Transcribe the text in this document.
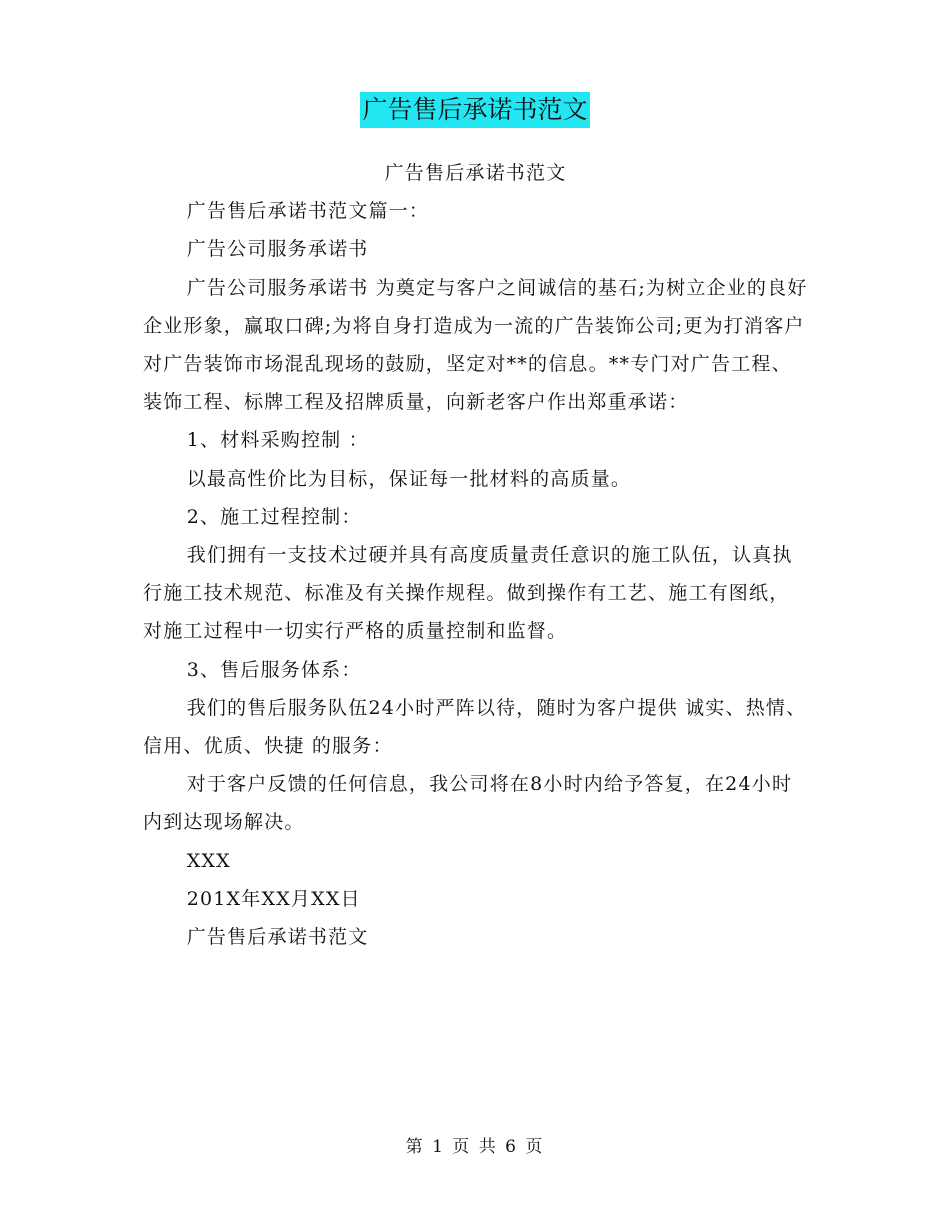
广告售后承诺书范文

广告售后承诺书范文

广告售后承诺书范文篇一：

广告公司服务承诺书

广告公司服务承诺书 为奠定与客户之间诚信的基石;为树立企业的良好企业形象，赢取口碑;为将自身打造成为一流的广告装饰公司;更为打消客户对广告装饰市场混乱现场的鼓励，坚定对**的信息。**专门对广告工程、装饰工程、标牌工程及招牌质量，向新老客户作出郑重承诺：

1、材料采购控制 ：

以最高性价比为目标，保证每一批材料的高质量。

2、施工过程控制：

我们拥有一支技术过硬并具有高度质量责任意识的施工队伍，认真执行施工技术规范、标准及有关操作规程。做到操作有工艺、施工有图纸，对施工过程中一切实行严格的质量控制和监督。

3、售后服务体系：

我们的售后服务队伍24小时严阵以待，随时为客户提供 诚实、热情、信用、优质、快捷 的服务：

对于客户反馈的任何信息，我公司将在8小时内给予答复，在24小时内到达现场解决。

XXX

201X年XX月XX日

广告售后承诺书范文

第 1 页 共 6 页
